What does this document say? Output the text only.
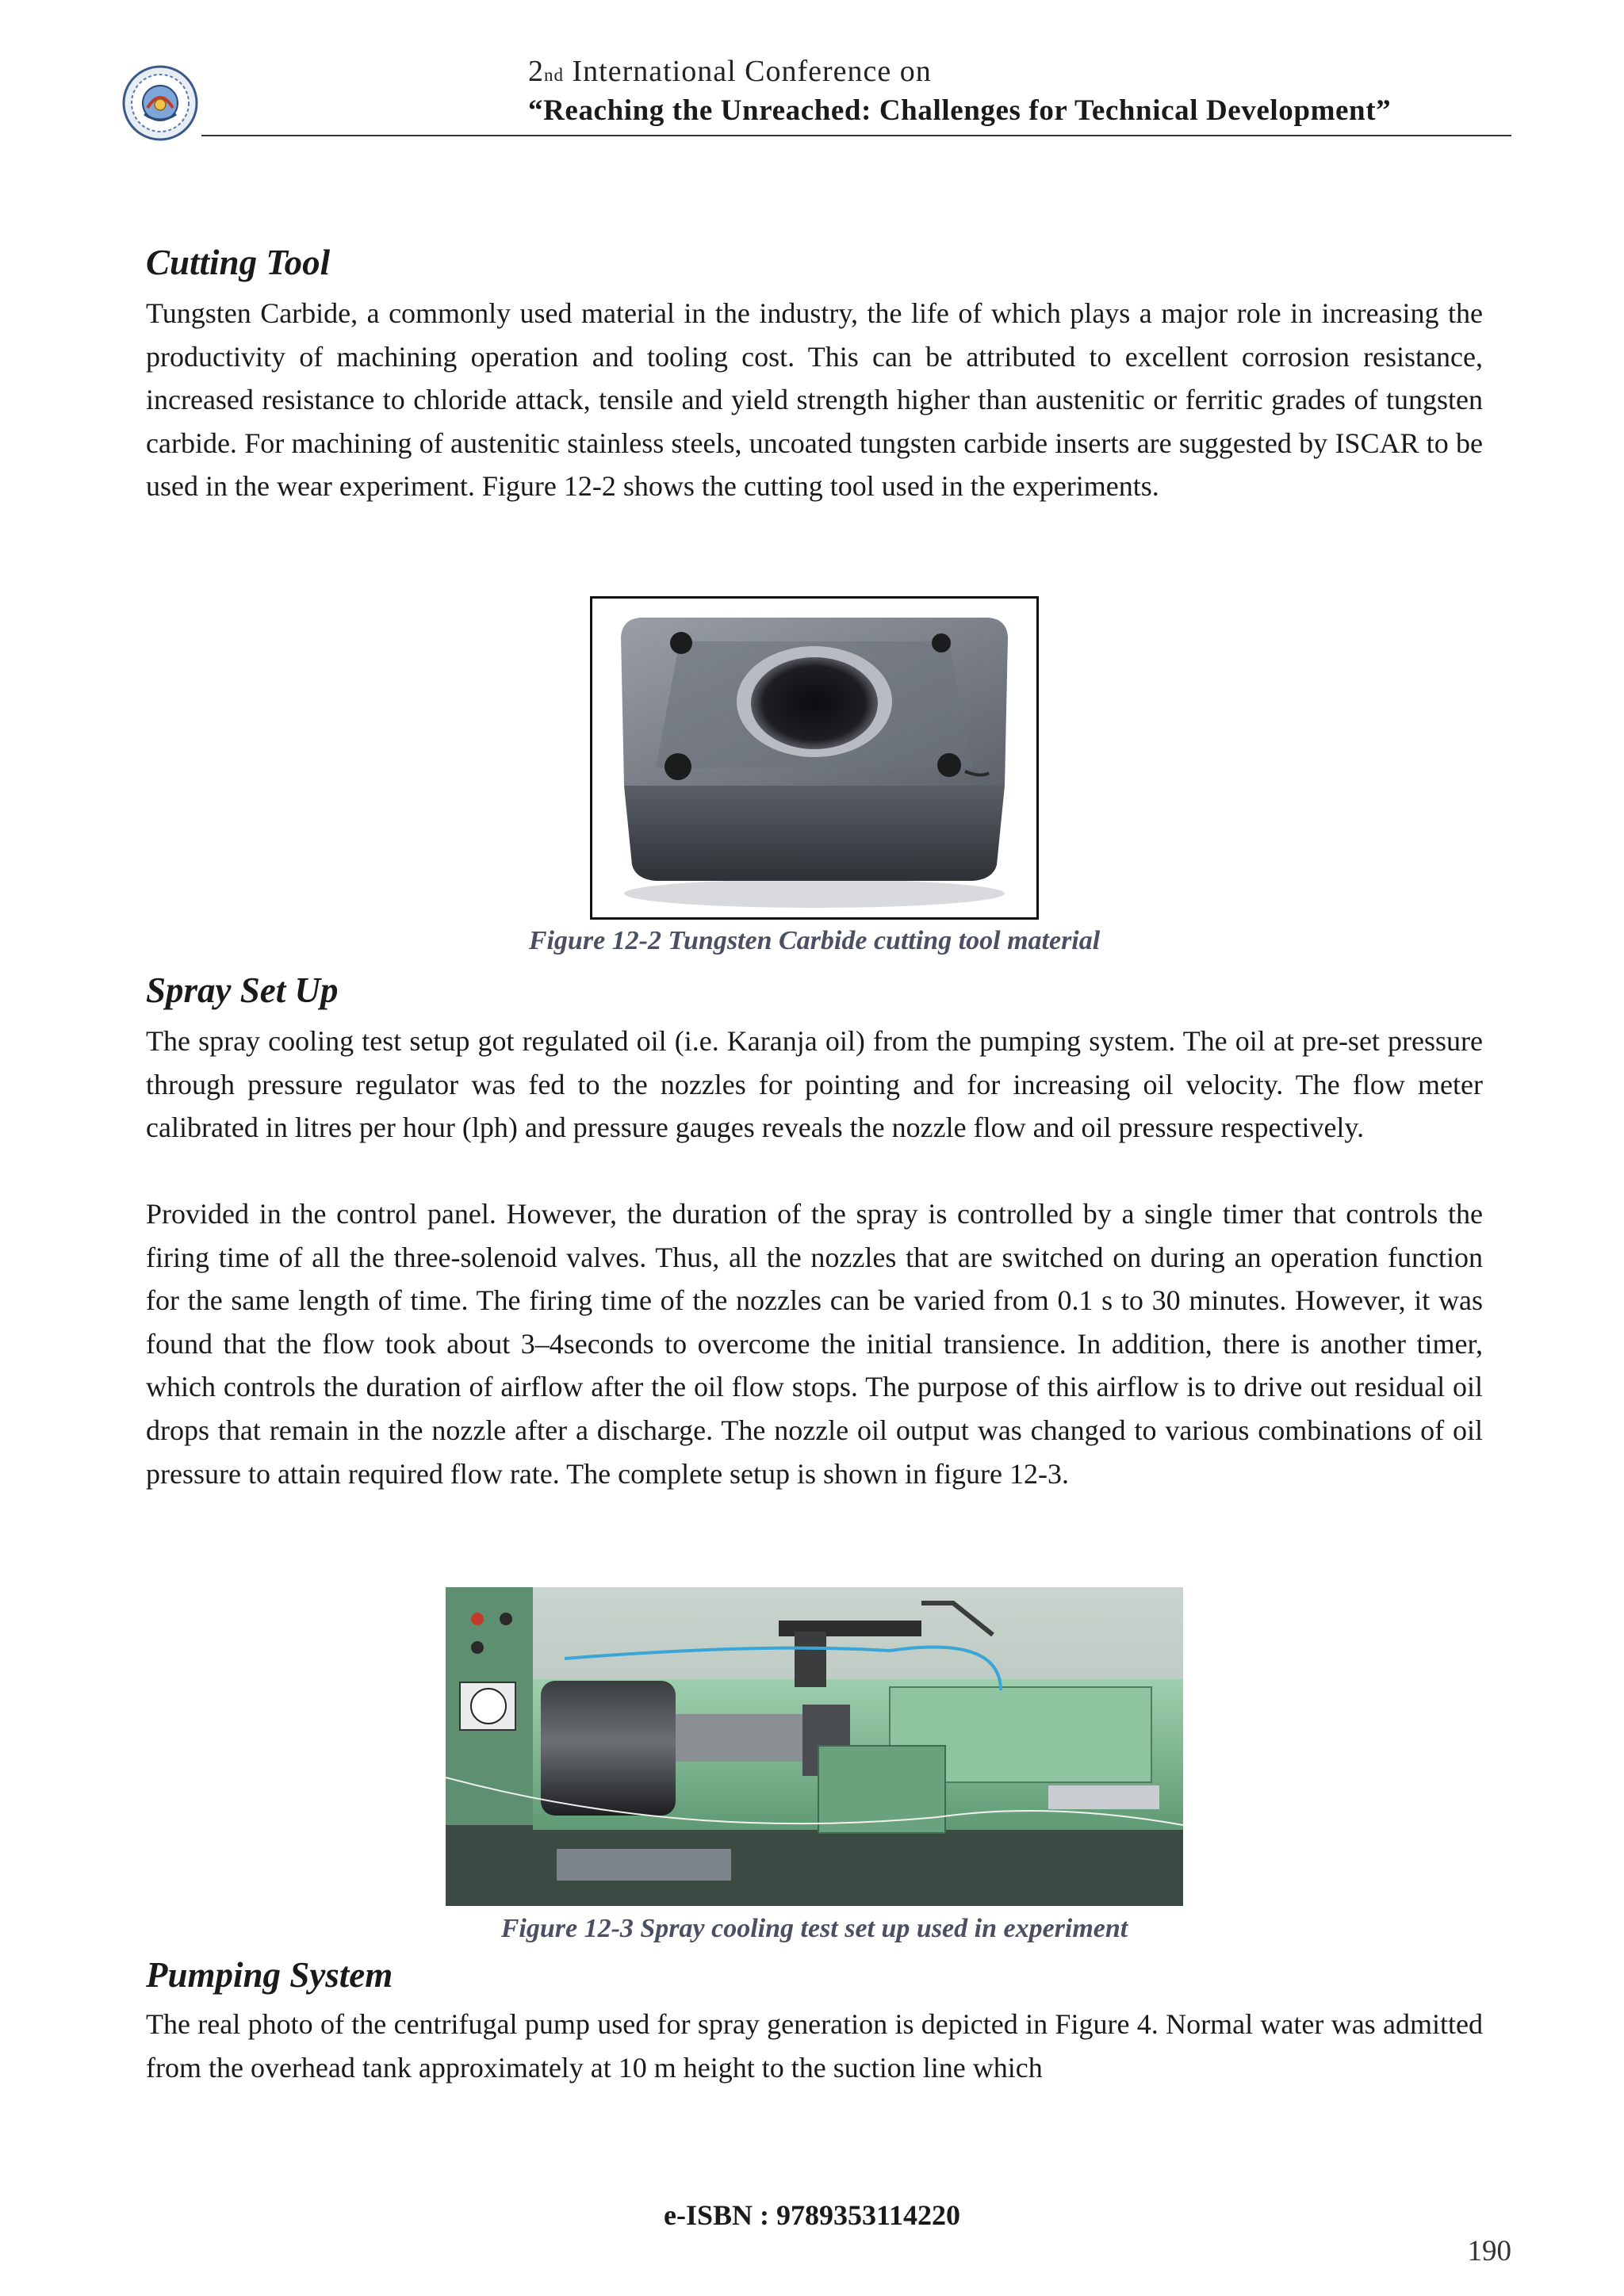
2nd International Conference on
“Reaching the Unreached: Challenges for Technical Development”
Cutting Tool
Tungsten Carbide, a commonly used material in the industry, the life of which plays a major role in increasing the productivity of machining operation and tooling cost. This can be attributed to excellent corrosion resistance, increased resistance to chloride attack, tensile and yield strength higher than austenitic or ferritic grades of tungsten carbide. For machining of austenitic stainless steels, uncoated tungsten carbide inserts are suggested by ISCAR to be used in the wear experiment. Figure 12-2 shows the cutting tool used in the experiments.
Figure 12-2 Tungsten Carbide cutting tool material
Spray Set Up
The spray cooling test setup got regulated oil (i.e. Karanja oil) from the pumping system. The oil at pre-set pressure through pressure regulator was fed to the nozzles for pointing and for increasing oil velocity. The flow meter calibrated in litres per hour (lph) and pressure gauges reveals the nozzle flow and oil pressure respectively.
Provided in the control panel. However, the duration of the spray is controlled by a single timer that controls the firing time of all the three-solenoid valves. Thus, all the nozzles that are switched on during an operation function for the same length of time. The firing time of the nozzles can be varied from 0.1 s to 30 minutes. However, it was found that the flow took about 3–4seconds to overcome the initial transience. In addition, there is another timer, which controls the duration of airflow after the oil flow stops. The purpose of this airflow is to drive out residual oil drops that remain in the nozzle after a discharge. The nozzle oil output was changed to various combinations of oil pressure to attain required flow rate. The complete setup is shown in figure 12-3.
Figure 12-3 Spray cooling test set up used in experiment
Pumping System
The real photo of the centrifugal pump used for spray generation is depicted in Figure 4. Normal water was admitted from the overhead tank approximately at 10 m height to the suction line which
e-ISBN : 9789353114220
190
